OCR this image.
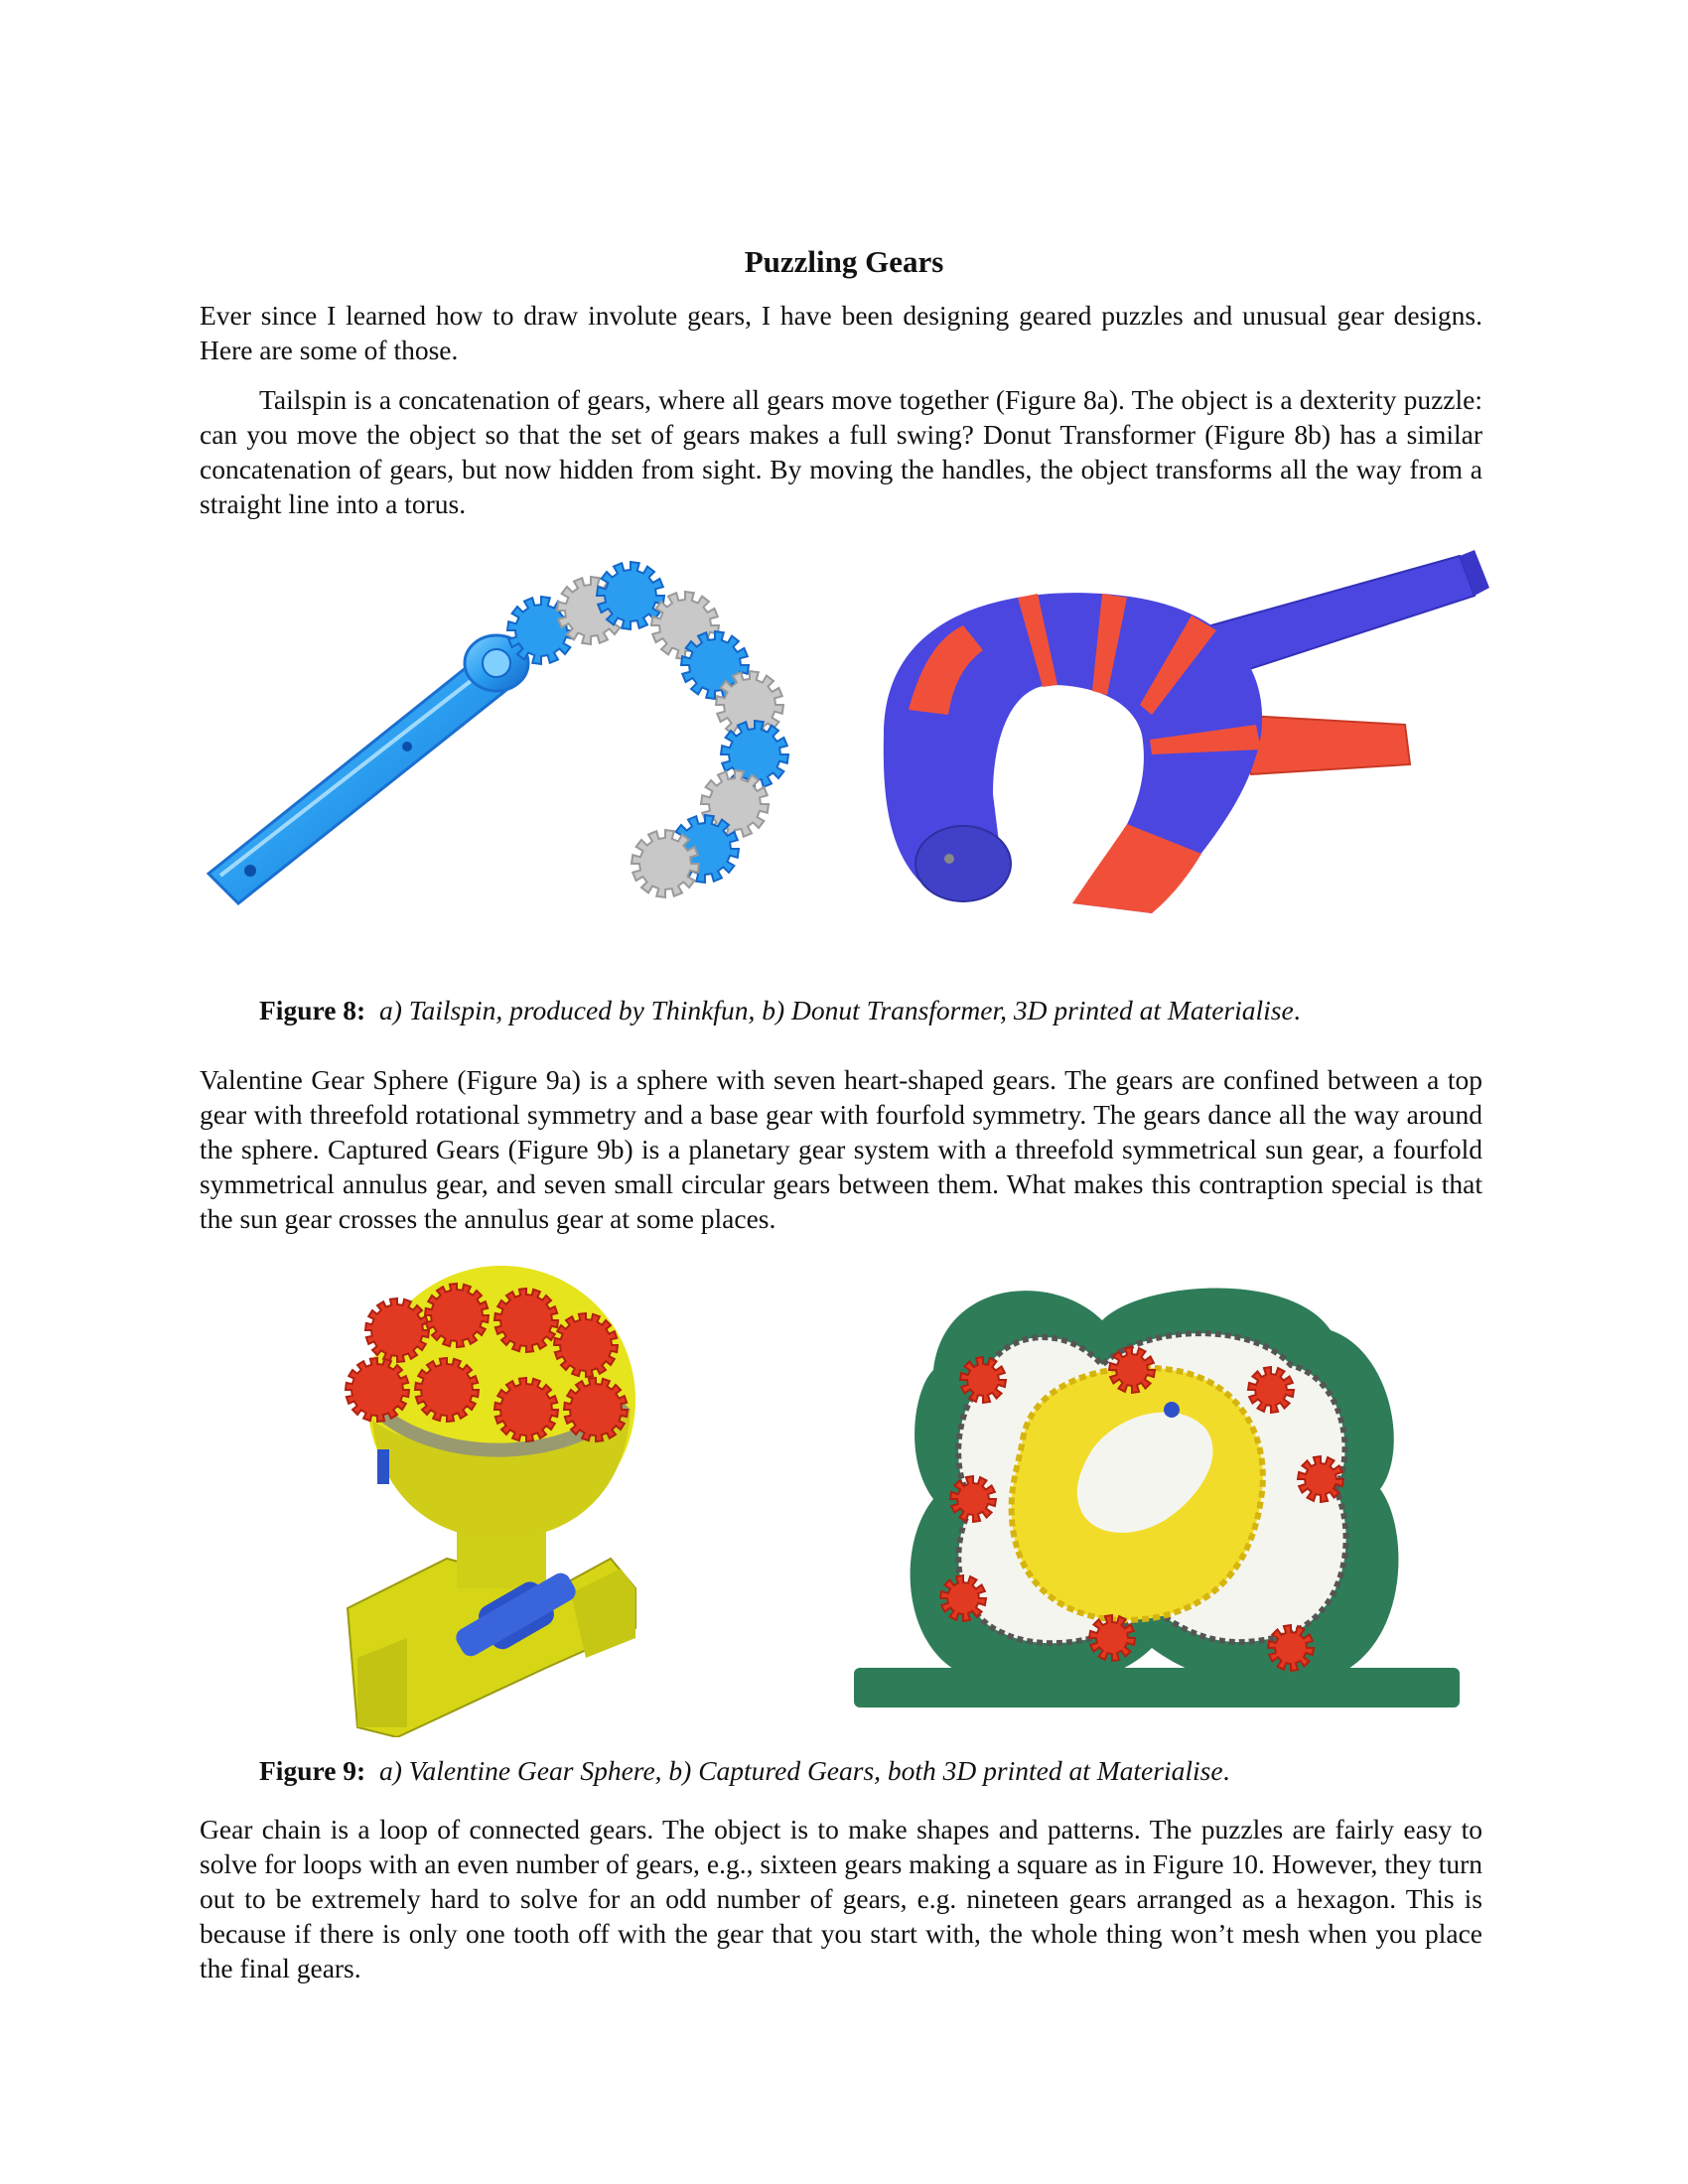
Puzzling Gears

Ever since I learned how to draw involute gears, I have been designing geared puzzles and unusual gear designs. Here are some of those.

Tailspin is a concatenation of gears, where all gears move together (Figure 8a). The object is a dexterity puzzle: can you move the object so that the set of gears makes a full swing? Donut Transformer (Figure 8b) has a similar concatenation of gears, but now hidden from sight. By moving the handles, the object transforms all the way from a straight line into a torus.

Figure 8: a) Tailspin, produced by Thinkfun, b) Donut Transformer, 3D printed at Materialise.

Valentine Gear Sphere (Figure 9a) is a sphere with seven heart-shaped gears. The gears are confined between a top gear with threefold rotational symmetry and a base gear with fourfold symmetry. The gears dance all the way around the sphere. Captured Gears (Figure 9b) is a planetary gear system with a threefold symmetrical sun gear, a fourfold symmetrical annulus gear, and seven small circular gears between them. What makes this contraption special is that the sun gear crosses the annulus gear at some places.

Figure 9: a) Valentine Gear Sphere, b) Captured Gears, both 3D printed at Materialise.

Gear chain is a loop of connected gears. The object is to make shapes and patterns. The puzzles are fairly easy to solve for loops with an even number of gears, e.g., sixteen gears making a square as in Figure 10. However, they turn out to be extremely hard to solve for an odd number of gears, e.g. nineteen gears arranged as a hexagon. This is because if there is only one tooth off with the gear that you start with, the whole thing won’t mesh when you place the final gears.
